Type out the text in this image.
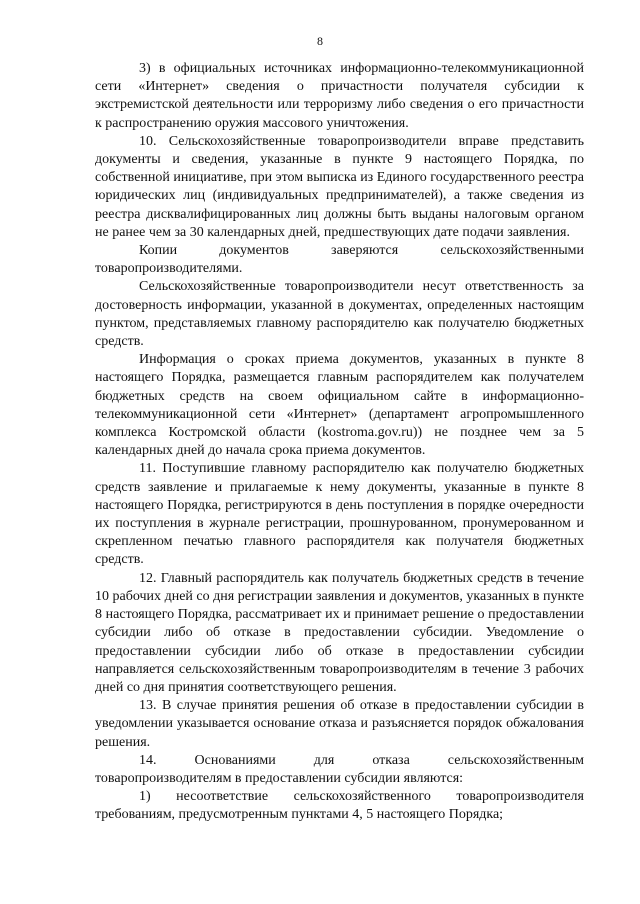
8

3) в официальных источниках информационно-телекоммуникационной сети «Интернет» сведения о причастности получателя субсидии к экстремистской деятельности или терроризму либо сведения о его причастности к распространению оружия массового уничтожения.

10. Сельскохозяйственные товаропроизводители вправе представить документы и сведения, указанные в пункте 9 настоящего Порядка, по собственной инициативе, при этом выписка из Единого государственного реестра юридических лиц (индивидуальных предпринимателей), а также сведения из реестра дисквалифицированных лиц должны быть выданы налоговым органом не ранее чем за 30 календарных дней, предшествующих дате подачи заявления.

Копии документов заверяются сельскохозяйственными товаропроизводителями.

Сельскохозяйственные товаропроизводители несут ответственность за достоверность информации, указанной в документах, определенных настоящим пунктом, представляемых главному распорядителю как получателю бюджетных средств.

Информация о сроках приема документов, указанных в пункте 8 настоящего Порядка, размещается главным распорядителем как получателем бюджетных средств на своем официальном сайте в информационно-телекоммуникационной сети «Интернет» (департамент агропромышленного комплекса Костромской области (kostroma.gov.ru)) не позднее чем за 5 календарных дней до начала срока приема документов.

11. Поступившие главному распорядителю как получателю бюджетных средств заявление и прилагаемые к нему документы, указанные в пункте 8 настоящего Порядка, регистрируются в день поступления в порядке очередности их поступления в журнале регистрации, прошнурованном, пронумерованном и скрепленном печатью главного распорядителя как получателя бюджетных средств.

12. Главный распорядитель как получатель бюджетных средств в течение 10 рабочих дней со дня регистрации заявления и документов, указанных в пункте 8 настоящего Порядка, рассматривает их и принимает решение о предоставлении субсидии либо об отказе в предоставлении субсидии. Уведомление о предоставлении субсидии либо об отказе в предоставлении субсидии направляется сельскохозяйственным товаропроизводителям в течение 3 рабочих дней со дня принятия соответствующего решения.

13. В случае принятия решения об отказе в предоставлении субсидии в уведомлении указывается основание отказа и разъясняется порядок обжалования решения.

14. Основаниями для отказа сельскохозяйственным товаропроизводителям в предоставлении субсидии являются:

1) несоответствие сельскохозяйственного товаропроизводителя требованиям, предусмотренным пунктами 4, 5 настоящего Порядка;
